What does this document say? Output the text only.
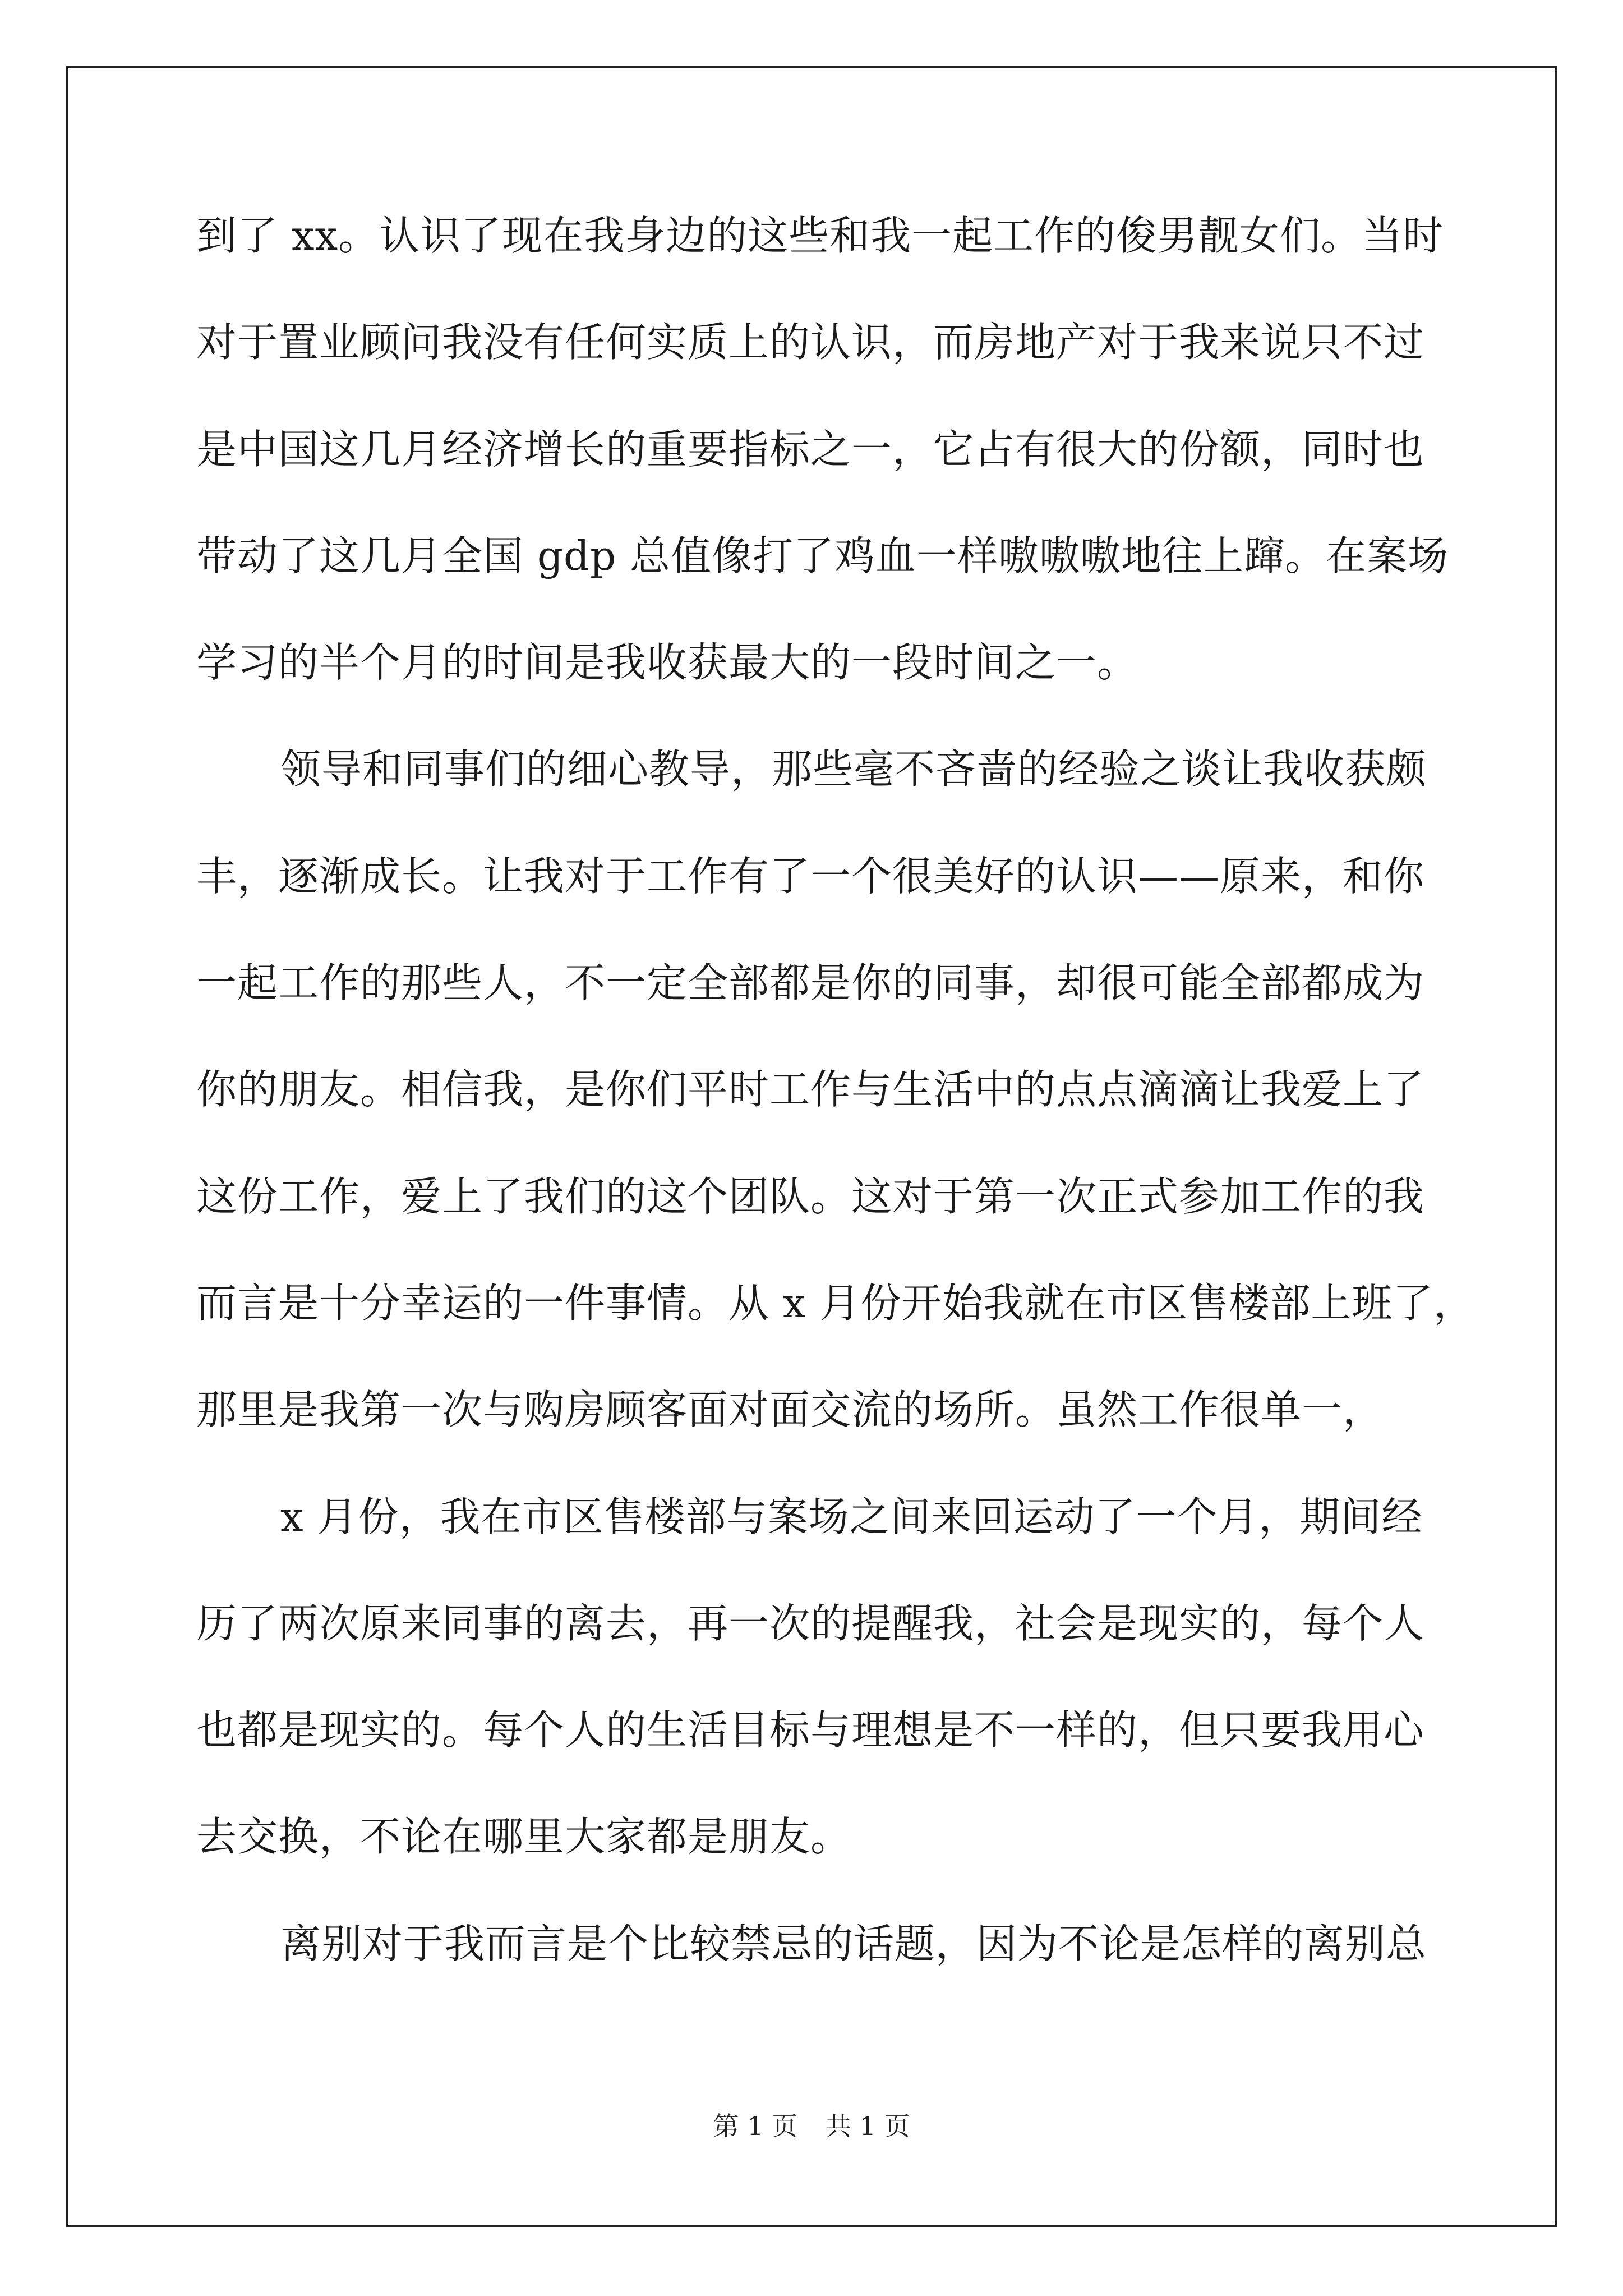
到了 xx。认识了现在我身边的这些和我一起工作的俊男靓女们。当时
对于置业顾问我没有任何实质上的认识，而房地产对于我来说只不过
是中国这几月经济增长的重要指标之一，它占有很大的份额，同时也
带动了这几月全国 gdp 总值像打了鸡血一样嗷嗷嗷地往上蹿。在案场
学习的半个月的时间是我收获最大的一段时间之一。
领导和同事们的细心教导，那些毫不吝啬的经验之谈让我收获颇
丰，逐渐成长。让我对于工作有了一个很美好的认识——原来，和你
一起工作的那些人，不一定全部都是你的同事，却很可能全部都成为
你的朋友。相信我，是你们平时工作与生活中的点点滴滴让我爱上了
这份工作，爱上了我们的这个团队。这对于第一次正式参加工作的我
而言是十分幸运的一件事情。从 x 月份开始我就在市区售楼部上班了，
那里是我第一次与购房顾客面对面交流的场所。虽然工作很单一，
x 月份，我在市区售楼部与案场之间来回运动了一个月，期间经
历了两次原来同事的离去，再一次的提醒我，社会是现实的，每个人
也都是现实的。每个人的生活目标与理想是不一样的，但只要我用心
去交换，不论在哪里大家都是朋友。
离别对于我而言是个比较禁忌的话题，因为不论是怎样的离别总
第 1 页 共 1 页
